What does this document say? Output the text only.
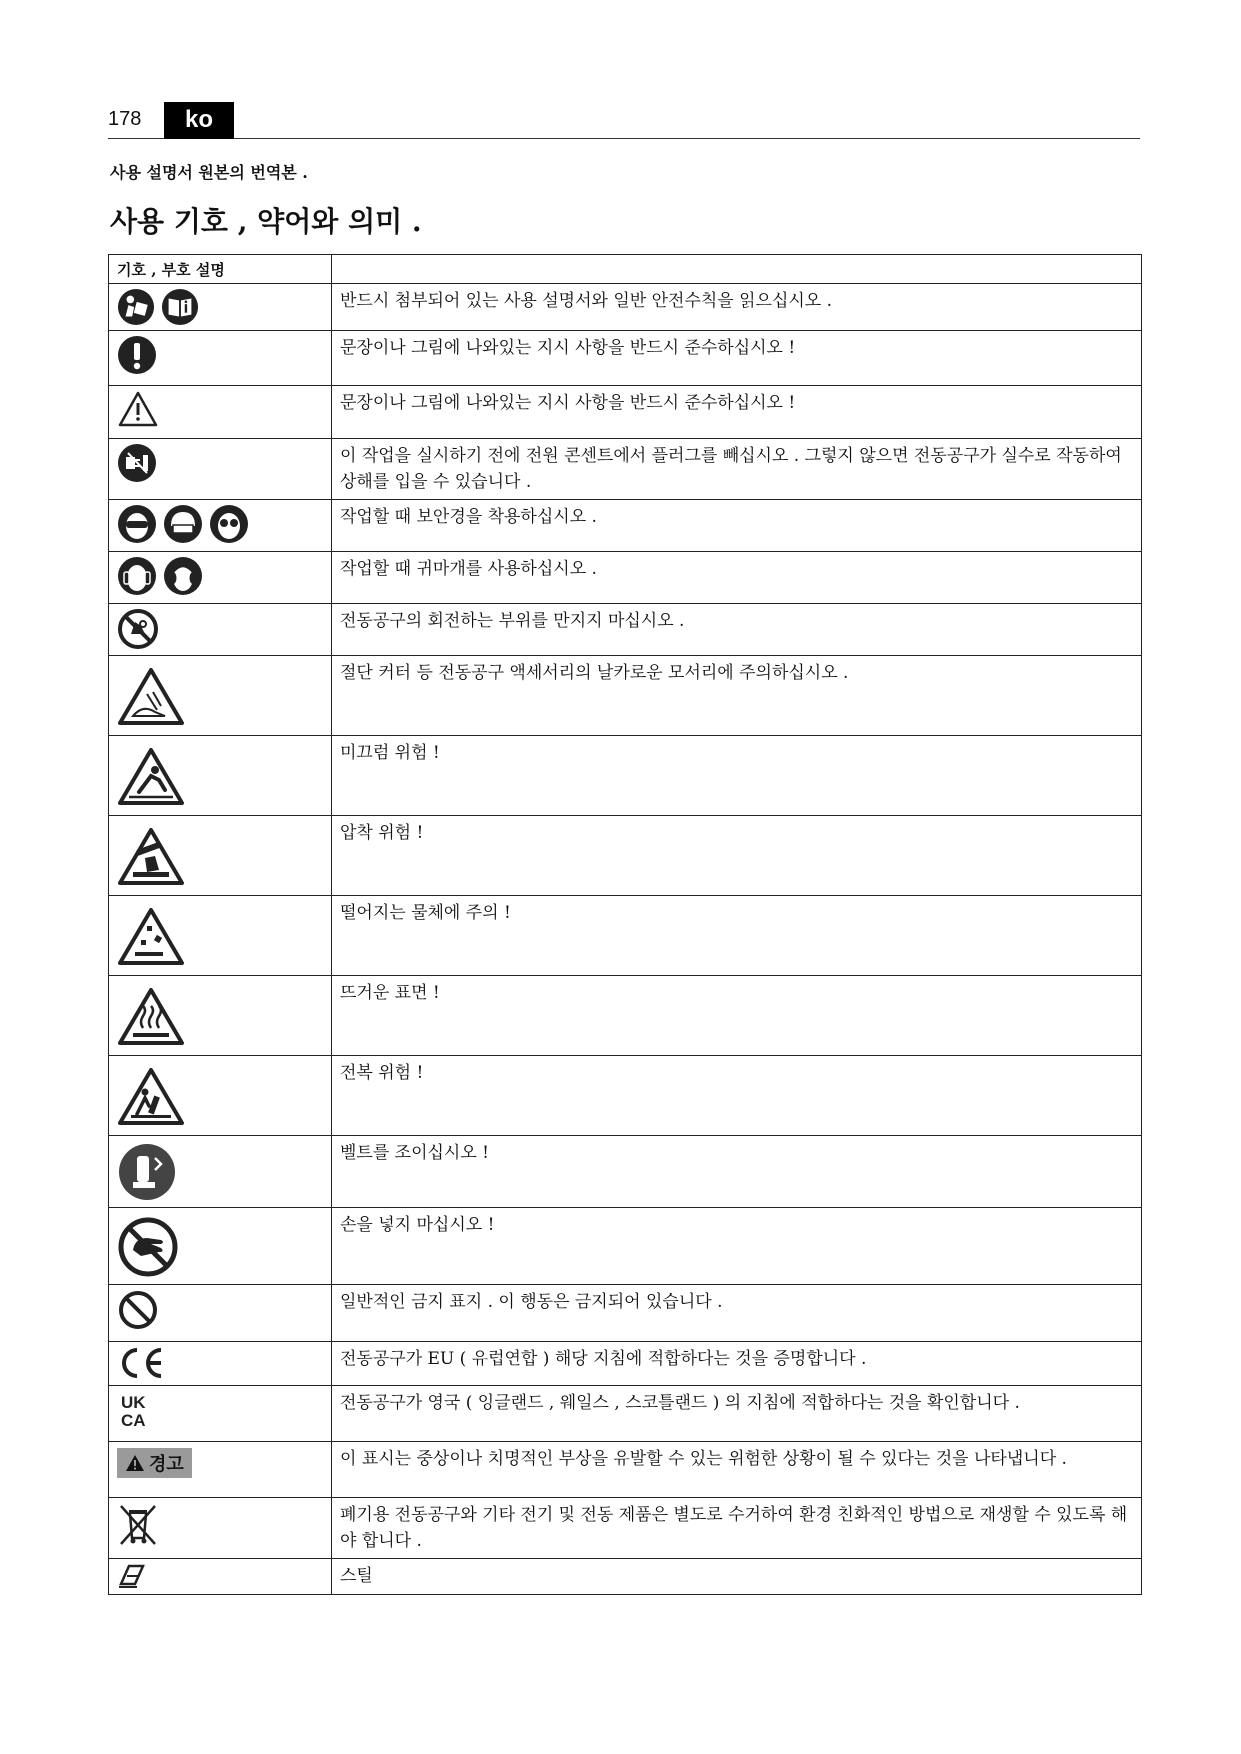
178	ko
사용 설명서 원본의 번역본 .
사용 기호 , 약어와 의미 .
기호 , 부호 설명	

	반드시 첨부되어 있는 사용 설명서와 일반 안전수칙을 읽으십시오 .

	문장이나 그림에 나와있는 지시 사항을 반드시 준수하십시오 !

	문장이나 그림에 나와있는 지시 사항을 반드시 준수하십시오 !

	이 작업을 실시하기 전에 전원 콘센트에서 플러그를 빼십시오 . 그렇지 않으면 전동공구가 실수로 작동하여 상해를 입을 수 있습니다 .

	작업할 때 보안경을 착용하십시오 .

	작업할 때 귀마개를 사용하십시오 .

	전동공구의 회전하는 부위를 만지지 마십시오 .

	절단 커터 등 전동공구 액세서리의 날카로운 모서리에 주의하십시오 .

	미끄럼 위험 !

	압착 위험 !

	떨어지는 물체에 주의 !

	뜨거운 표면 !

	전복 위험 !

	벨트를 조이십시오 !

	손을 넣지 마십시오 !

	일반적인 금지 표지 . 이 행동은 금지되어 있습니다 .

	전동공구가 EU ( 유럽연합 ) 해당 지침에 적합하다는 것을 증명합니다 .

UK
CA	전동공구가 영국 ( 잉글랜드 , 웨일스 , 스코틀랜드 ) 의 지침에 적합하다는 것을 확인합니다 .

경고	이 표시는 중상이나 치명적인 부상을 유발할 수 있는 위험한 상황이 될 수 있다는 것을 나타냅니다 .

	폐기용 전동공구와 기타 전기 및 전동 제품은 별도로 수거하여 환경 친화적인 방법으로 재생할 수 있도록 해야 합니다 .

	스틸
